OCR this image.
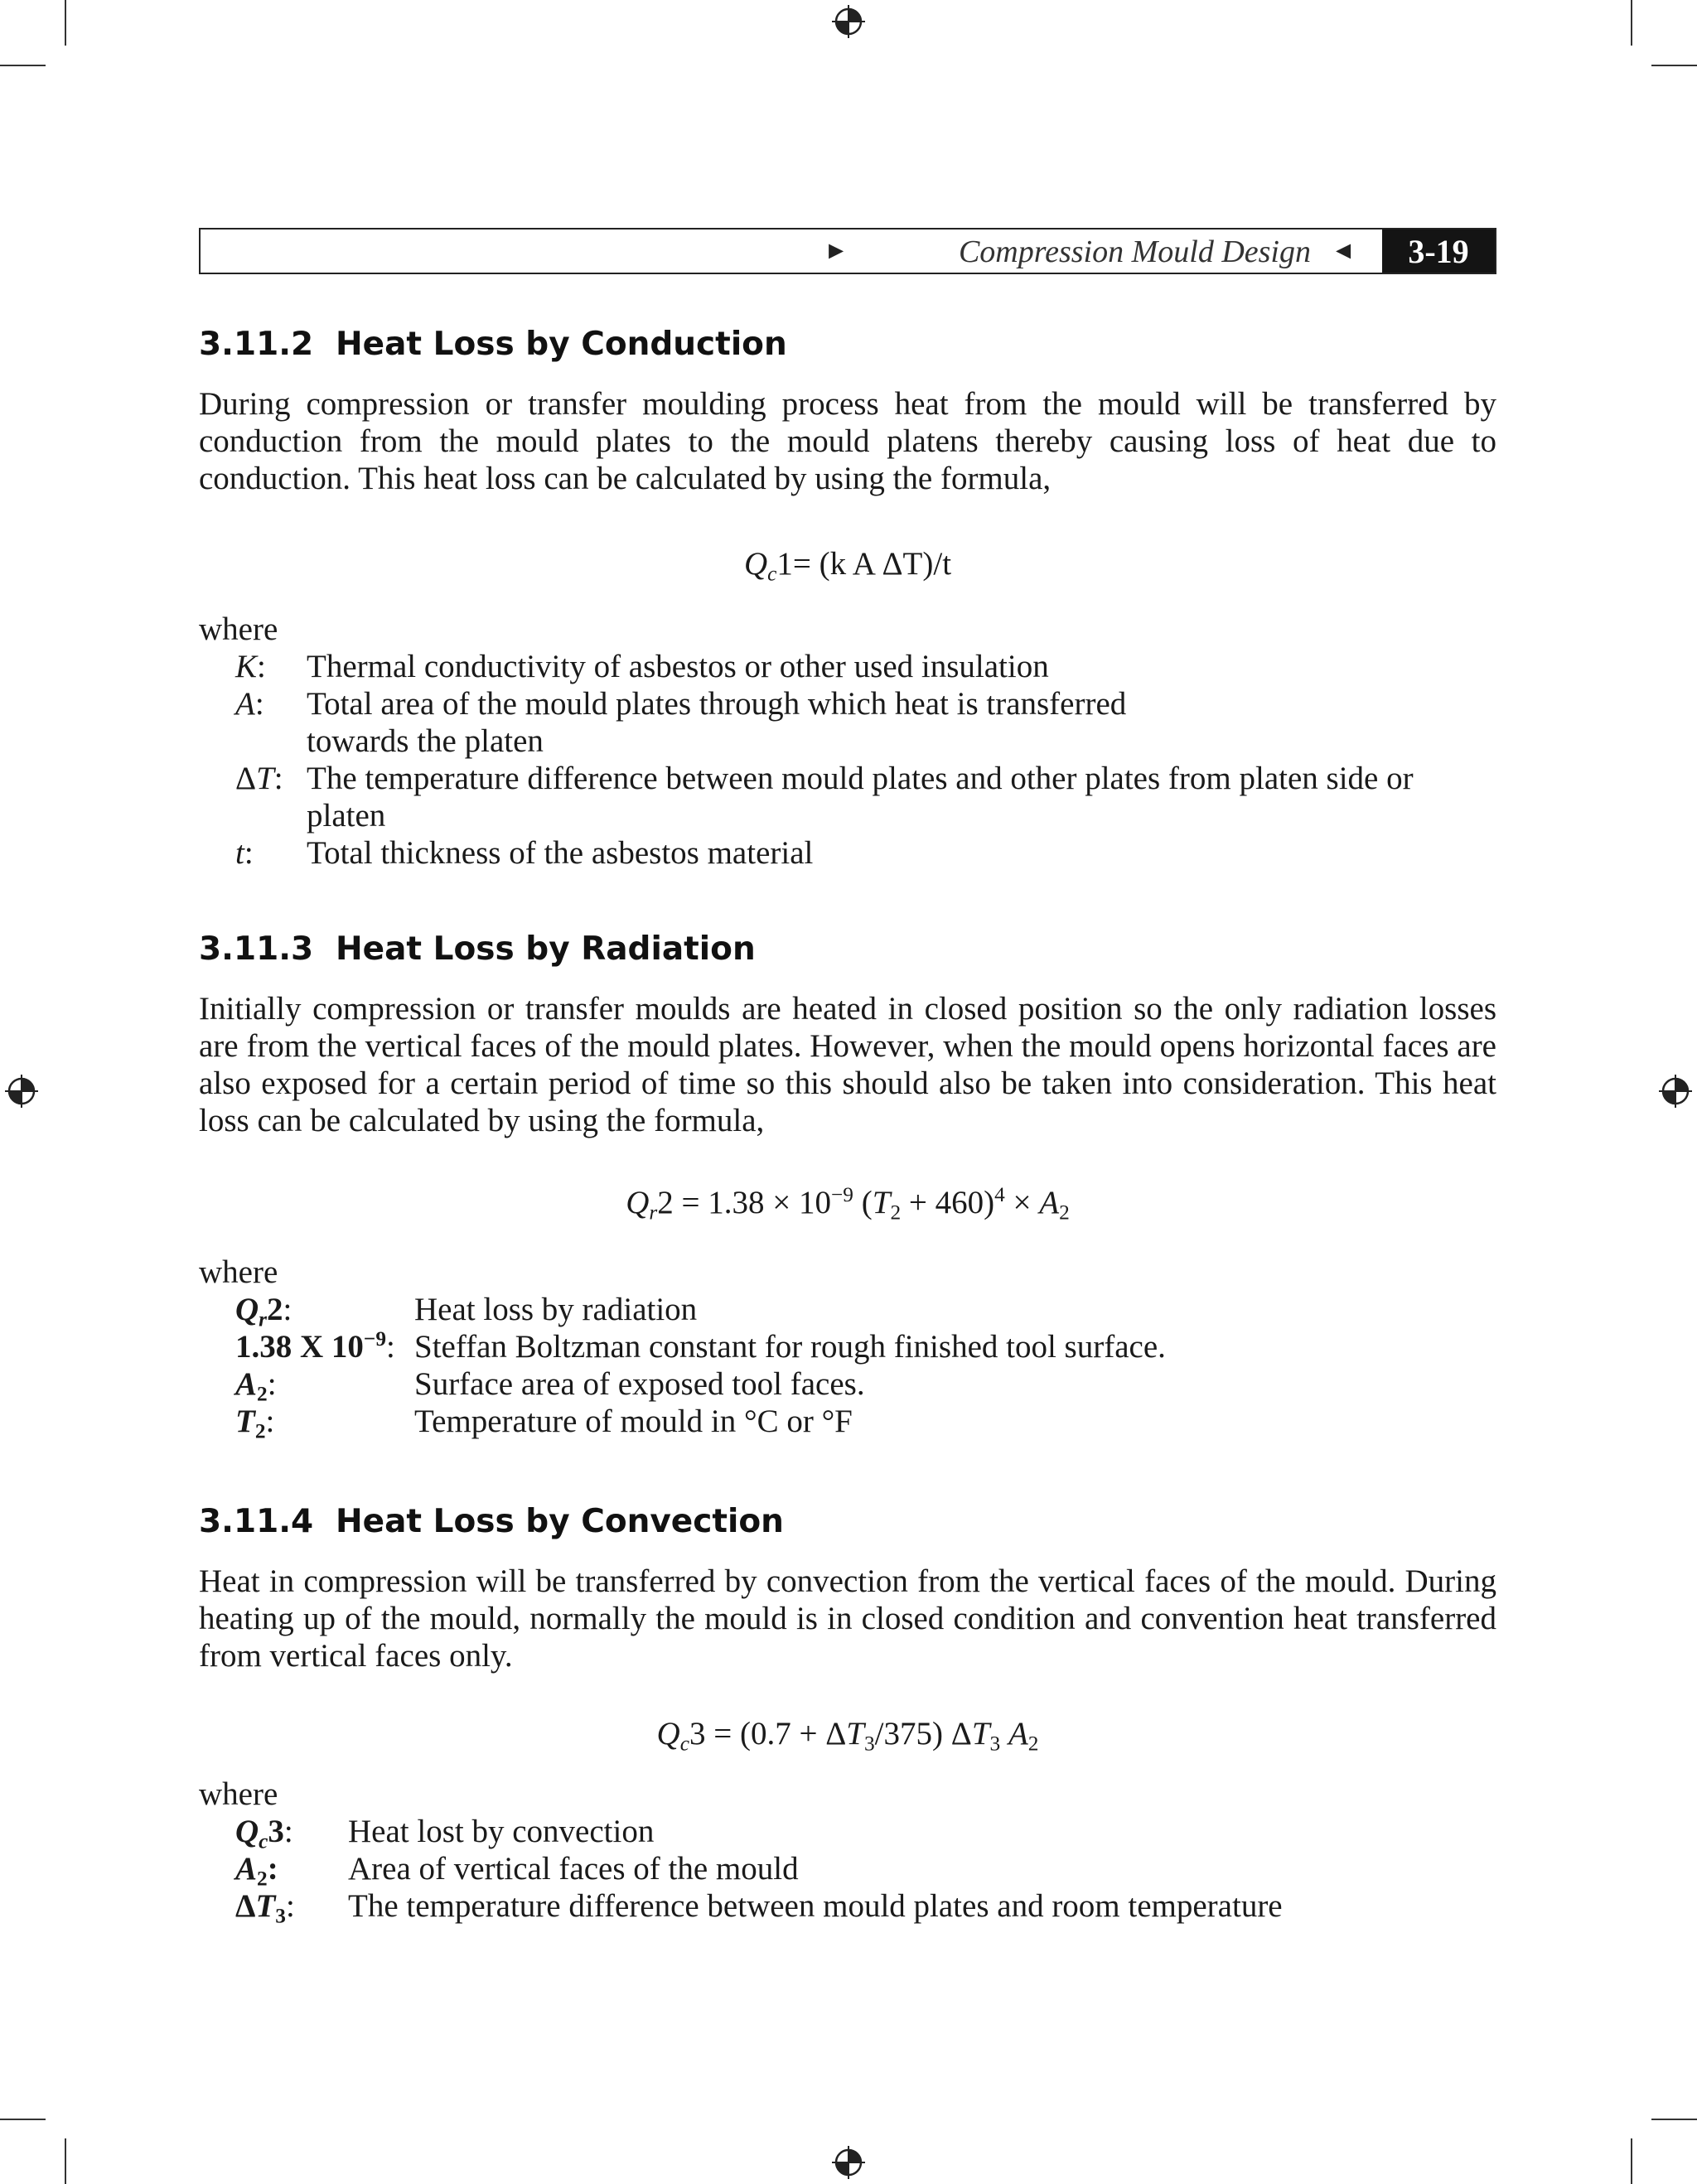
►	Compression Mould Design ◄	3-19
3.11.2 Heat Loss by Conduction

During compression or transfer moulding process heat from the mould will be transferred by conduction from the mould plates to the mould platens thereby causing loss of heat due to conduction. This heat loss can be calculated by using the formula,

$Q_c1= (k$ A ΔT)/t
where
K: Thermal conductivity of asbestos or other used insulation
A: Total area of the mould plates through which heat is transferred towards the platen
ΔT: The temperature difference between mould plates and other plates from platen side or platen
t: Total thickness of the asbestos material
3.11.3 Heat Loss by Radiation

Initially compression or transfer moulds are heated in closed position so the only radiation losses are from the vertical faces of the mould plates. However, when the mould opens horizontal faces are also exposed for a certain period of time so this should also be taken into consideration. This heat loss can be calculated by using the formula,

$Q_r2 = 1.38 \times 10^{-9}$ $(T_2 + 460)^4 \times A_2$
where
$Q_r2$:	Heat loss by radiation
1.38 X $10^{-9}$: Steffan Boltzman constant for rough finished tool surface.
$A_2$:	Surface area of exposed tool faces.
$T_2$:	Temperature of mould in °C or °F
3.11.4 Heat Loss by Convection

Heat in compression will be transferred by convection from the vertical faces of the mould. During heating up of the mould, normally the mould is in closed condition and convention heat transferred from vertical faces only.

$Q_c3 = (0.7 + \Delta T_3/375)$ $\Delta T_3$ $A_2$
where
$Q_c3$: Heat lost by convection
$A_2$: Area of vertical faces of the mould
$\Delta T_3$: The temperature difference between mould plates and room temperature
